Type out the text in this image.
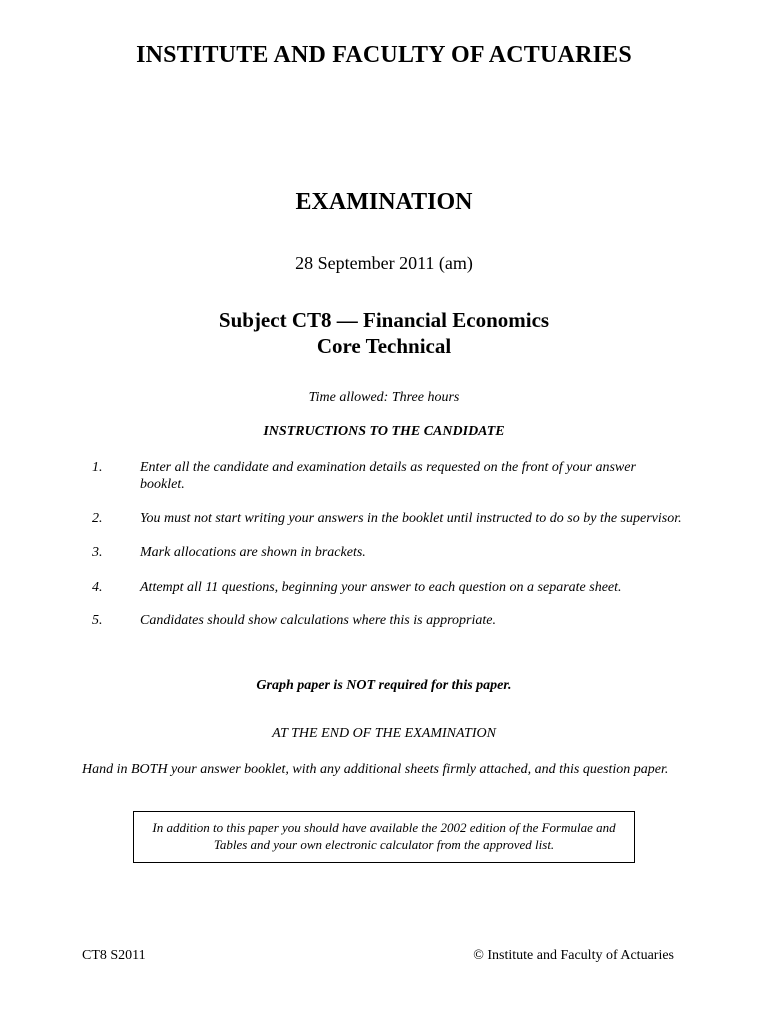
INSTITUTE AND FACULTY OF ACTUARIES
EXAMINATION
28 September 2011 (am)
Subject CT8 — Financial Economics
Core Technical
Time allowed: Three hours
INSTRUCTIONS TO THE CANDIDATE
1.	Enter all the candidate and examination details as requested on the front of your answer booklet.
2.	You must not start writing your answers in the booklet until instructed to do so by the supervisor.
3.	Mark allocations are shown in brackets.
4.	Attempt all 11 questions, beginning your answer to each question on a separate sheet.
5.	Candidates should show calculations where this is appropriate.
Graph paper is NOT required for this paper.
AT THE END OF THE EXAMINATION
Hand in BOTH your answer booklet, with any additional sheets firmly attached, and this question paper.
In addition to this paper you should have available the 2002 edition of the Formulae and Tables and your own electronic calculator from the approved list.
CT8 S2011	© Institute and Faculty of Actuaries
